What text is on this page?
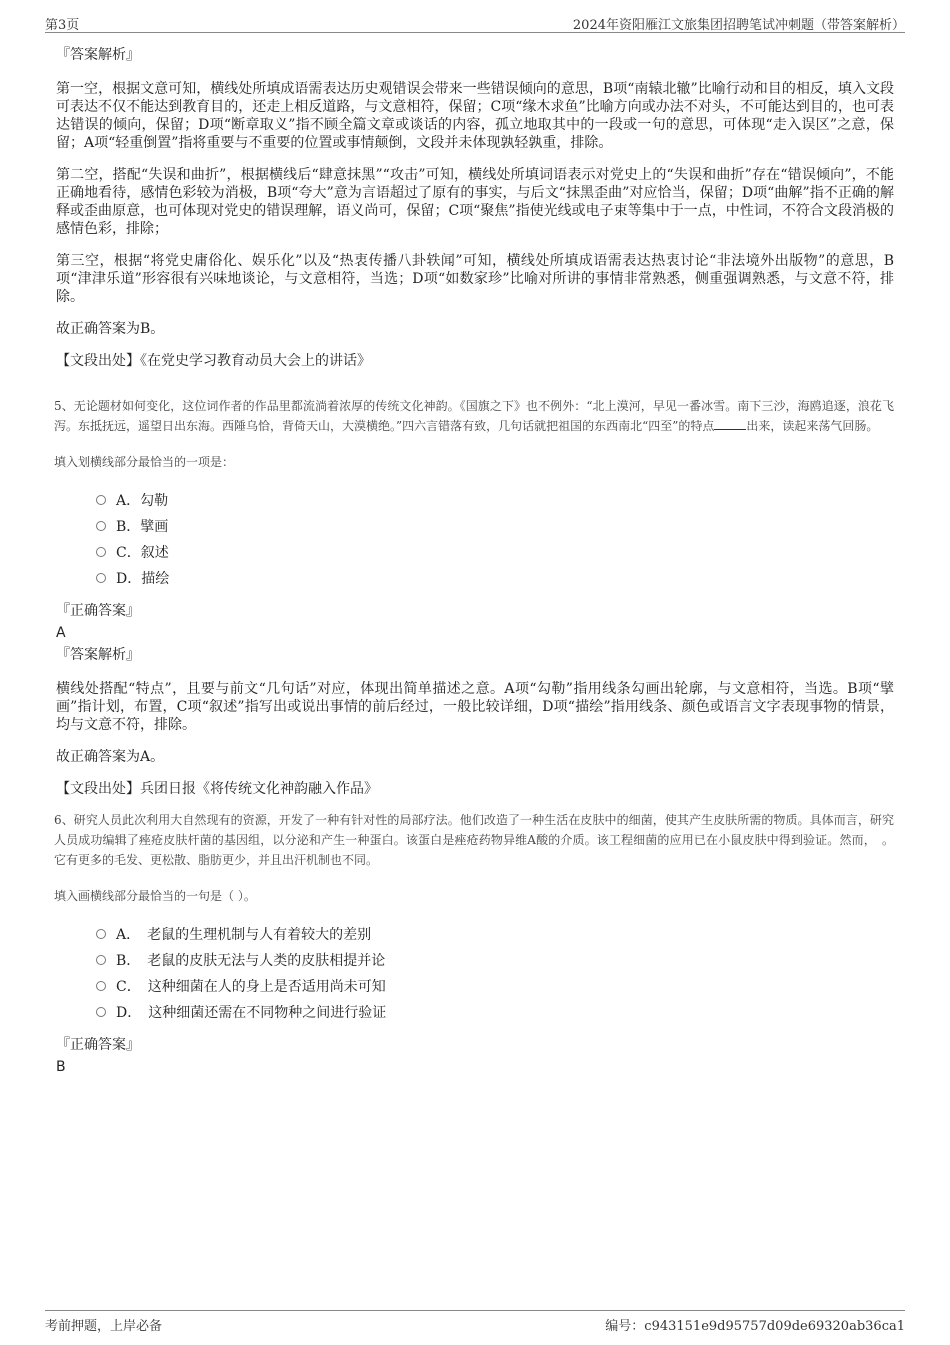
第3页	2024年资阳雁江文旅集团招聘笔试冲刺题（带答案解析）
『答案解析』

第一空，根据文意可知，横线处所填成语需表达历史观错误会带来一些错误倾向的意思，B项“南辕北辙”比喻行动和目的相反，填入文段可表达不仅不能达到教育目的，还走上相反道路，与文意相符，保留；C项“缘木求鱼”比喻方向或办法不对头，不可能达到目的，也可表达错误的倾向，保留；D项“断章取义”指不顾全篇文章或谈话的内容，孤立地取其中的一段或一句的意思，可体现“走入误区”之意，保留；A项“轻重倒置”指将重要与不重要的位置或事情颠倒，文段并未体现孰轻孰重，排除。

第二空，搭配“失误和曲折”，根据横线后“肆意抹黑”“攻击”可知，横线处所填词语表示对党史上的“失误和曲折”存在“错误倾向”，不能正确地看待，感情色彩较为消极，B项“夸大”意为言语超过了原有的事实，与后文“抹黑歪曲”对应恰当，保留；D项“曲解”指不正确的解释或歪曲原意，也可体现对党史的错误理解，语义尚可，保留；C项“聚焦”指使光线或电子束等集中于一点，中性词，不符合文段消极的感情色彩，排除；

第三空，根据“将党史庸俗化、娱乐化”以及“热衷传播八卦轶闻”可知，横线处所填成语需表达热衷讨论“非法境外出版物”的意思，B项“津津乐道”形容很有兴味地谈论，与文意相符，当选；D项“如数家珍”比喻对所讲的事情非常熟悉，侧重强调熟悉，与文意不符，排除。

故正确答案为B。

【文段出处】《在党史学习教育动员大会上的讲话》

5、无论题材如何变化，这位词作者的作品里都流淌着浓厚的传统文化神韵。《国旗之下》也不例外：“北上漠河，早见一番冰雪。南下三沙，海鸥追逐，浪花飞泻。东抵抚远，遥望日出东海。西陲乌恰，背倚天山，大漠横绝。”四六言错落有致，几句话就把祖国的东西南北“四至”的特点	出来，读起来荡气回肠。

填入划横线部分最恰当的一项是：

A．勾勒
B．擘画
C．叙述
D．描绘
『正确答案』
A
『答案解析』

横线处搭配“特点”，且要与前文“几句话”对应，体现出简单描述之意。A项“勾勒”指用线条勾画出轮廓，与文意相符，当选。B项“擘画”指计划，布置，C项“叙述”指写出或说出事情的前后经过，一般比较详细，D项“描绘”指用线条、颜色或语言文字表现事物的情景，均与文意不符，排除。

故正确答案为A。

【文段出处】兵团日报《将传统文化神韵融入作品》

6、研究人员此次利用大自然现有的资源，开发了一种有针对性的局部疗法。他们改造了一种生活在皮肤中的细菌，使其产生皮肤所需的物质。具体而言，研究人员成功编辑了痤疮皮肤杆菌的基因组，以分泌和产生一种蛋白。该蛋白是痤疮药物异维A酸的介质。该工程细菌的应用已在小鼠皮肤中得到验证。然而，　。它有更多的毛发、更松散、脂肪更少，并且出汗机制也不同。

填入画横线部分最恰当的一句是（ ）。

A．　老鼠的生理机制与人有着较大的差别
B．　老鼠的皮肤无法与人类的皮肤相提并论
C．　这种细菌在人的身上是否适用尚未可知
D．　这种细菌还需在不同物种之间进行验证
『正确答案』
B
考前押题，上岸必备	编号：c943151e9d95757d09de69320ab36ca1
